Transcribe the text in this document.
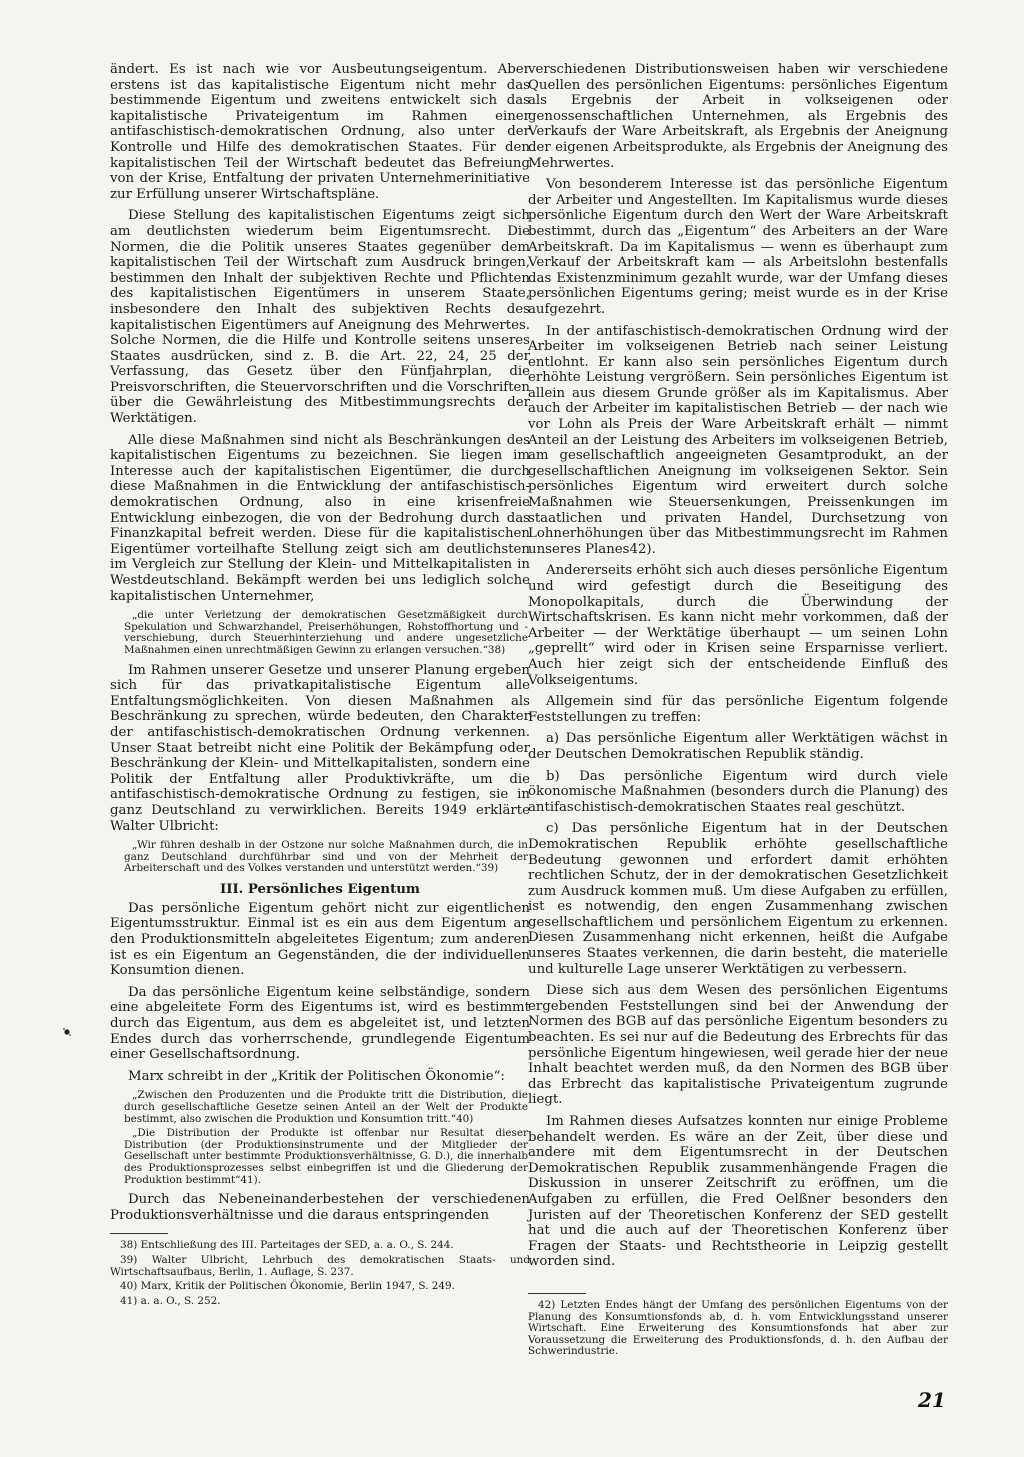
ändert. Es ist nach wie vor Ausbeutungseigentum. Aber erstens ist das kapitalistische Eigentum nicht mehr das bestimmende Eigentum und zweitens entwickelt sich das kapitalistische Privateigentum im Rahmen einer antifaschistisch-demokratischen Ordnung, also unter der Kontrolle und Hilfe des demokratischen Staates. Für den kapitalistischen Teil der Wirtschaft bedeutet das Befreiung von der Krise, Entfaltung der privaten Unternehmerinitiative zur Erfüllung unserer Wirtschaftspläne.

Diese Stellung des kapitalistischen Eigentums zeigt sich am deutlichsten wiederum beim Eigentumsrecht. Die Normen, die die Politik unseres Staates gegenüber dem kapitalistischen Teil der Wirtschaft zum Ausdruck bringen, bestimmen den Inhalt der subjektiven Rechte und Pflichten des kapitalistischen Eigentümers in unserem Staate, insbesondere den Inhalt des subjektiven Rechts des kapitalistischen Eigentümers auf Aneignung des Mehrwertes. Solche Normen, die die Hilfe und Kontrolle seitens unseres Staates ausdrücken, sind z. B. die Art. 22, 24, 25 der Verfassung, das Gesetz über den Fünfjahrplan, die Preisvorschriften, die Steuervorschriften und die Vorschriften über die Gewährleistung des Mitbestimmungsrechts der Werktätigen.

Alle diese Maßnahmen sind nicht als Beschränkungen des kapitalistischen Eigentums zu bezeichnen. Sie liegen im Interesse auch der kapitalistischen Eigentümer, die durch diese Maßnahmen in die Entwicklung der antifaschistisch-demokratischen Ordnung, also in eine krisenfreie Entwicklung einbezogen, die von der Bedrohung durch das Finanzkapital befreit werden. Diese für die kapitalistischen Eigentümer vorteilhafte Stellung zeigt sich am deutlichsten im Vergleich zur Stellung der Klein- und Mittelkapitalisten in Westdeutschland. Bekämpft werden bei uns lediglich solche kapitalistischen Unternehmer,

„die unter Verletzung der demokratischen Gesetzmäßigkeit durch Spekulation und Schwarzhandel, Preiserhöhungen, Rohstoffhortung und -verschiebung, durch Steuerhinterziehung und andere ungesetzliche Maßnahmen einen unrechtmäßigen Gewinn zu erlangen versuchen.“38)

Im Rahmen unserer Gesetze und unserer Planung ergeben sich für das privatkapitalistische Eigentum alle Entfaltungsmöglichkeiten. Von diesen Maßnahmen als Beschränkung zu sprechen, würde bedeuten, den Charakter der antifaschistisch-demokratischen Ordnung verkennen. Unser Staat betreibt nicht eine Politik der Bekämpfung oder Beschränkung der Klein- und Mittelkapitalisten, sondern eine Politik der Entfaltung aller Produktivkräfte, um die antifaschistisch-demokratische Ordnung zu festigen, sie in ganz Deutschland zu verwirklichen. Bereits 1949 erklärte Walter Ulbricht:

„Wir führen deshalb in der Ostzone nur solche Maßnahmen durch, die in ganz Deutschland durchführbar sind und von der Mehrheit der Arbeiterschaft und des Volkes verstanden und unterstützt werden.“39)

III. Persönliches Eigentum

Das persönliche Eigentum gehört nicht zur eigentlichen Eigentumsstruktur. Einmal ist es ein aus dem Eigentum an den Produktionsmitteln abgeleitetes Eigentum; zum anderen ist es ein Eigentum an Gegenständen, die der individuellen Konsumtion dienen.

Da das persönliche Eigentum keine selbständige, sondern eine abgeleitete Form des Eigentums ist, wird es bestimmt durch das Eigentum, aus dem es abgeleitet ist, und letzten Endes durch das vorherrschende, grundlegende Eigentum einer Gesellschaftsordnung.

Marx schreibt in der „Kritik der Politischen Ökonomie“:

„Zwischen den Produzenten und die Produkte tritt die Distribution, die durch gesellschaftliche Gesetze seinen Anteil an der Welt der Produkte bestimmt, also zwischen die Produktion und Konsumtion tritt.“40)

„Die Distribution der Produkte ist offenbar nur Resultat dieser Distribution (der Produktionsinstrumente und der Mitglieder der Gesellschaft unter bestimmte Produktionsverhältnisse, G. D.), die innerhalb des Produktionsprozesses selbst einbegriffen ist und die Gliederung der Produktion bestimmt“41).

Durch das Nebeneinanderbestehen der verschiedenen Produktionsverhältnisse und die daraus entspringenden

38) Entschließung des III. Parteitages der SED, a. a. O., S. 244.

39) Walter Ulbricht, Lehrbuch des demokratischen Staats- und Wirtschaftsaufbaus, Berlin, 1. Auflage, S. 237.

40) Marx, Kritik der Politischen Ökonomie, Berlin 1947, S. 249.

41) a. a. O., S. 252.

verschiedenen Distributionsweisen haben wir verschiedene Quellen des persönlichen Eigentums: persönliches Eigentum als Ergebnis der Arbeit in volkseigenen oder genossenschaftlichen Unternehmen, als Ergebnis des Verkaufs der Ware Arbeitskraft, als Ergebnis der Aneignung der eigenen Arbeitsprodukte, als Ergebnis der Aneignung des Mehrwertes.

Von besonderem Interesse ist das persönliche Eigentum der Arbeiter und Angestellten. Im Kapitalismus wurde dieses persönliche Eigentum durch den Wert der Ware Arbeitskraft bestimmt, durch das „Eigentum“ des Arbeiters an der Ware Arbeitskraft. Da im Kapitalismus — wenn es überhaupt zum Verkauf der Arbeitskraft kam — als Arbeitslohn bestenfalls das Existenzminimum gezahlt wurde, war der Umfang dieses persönlichen Eigentums gering; meist wurde es in der Krise aufgezehrt.

In der antifaschistisch-demokratischen Ordnung wird der Arbeiter im volkseigenen Betrieb nach seiner Leistung entlohnt. Er kann also sein persönliches Eigentum durch erhöhte Leistung vergrößern. Sein persönliches Eigentum ist allein aus diesem Grunde größer als im Kapitalismus. Aber auch der Arbeiter im kapitalistischen Betrieb — der nach wie vor Lohn als Preis der Ware Arbeitskraft erhält — nimmt Anteil an der Leistung des Arbeiters im volkseigenen Betrieb, am gesellschaftlich angeeigneten Gesamtprodukt, an der gesellschaftlichen Aneignung im volkseigenen Sektor. Sein persönliches Eigentum wird erweitert durch solche Maßnahmen wie Steuersenkungen, Preissenkungen im staatlichen und privaten Handel, Durchsetzung von Lohnerhöhungen über das Mitbestimmungsrecht im Rahmen unseres Planes42).

Andererseits erhöht sich auch dieses persönliche Eigentum und wird gefestigt durch die Beseitigung des Monopolkapitals, durch die Überwindung der Wirtschaftskrisen. Es kann nicht mehr vorkommen, daß der Arbeiter — der Werktätige überhaupt — um seinen Lohn „geprellt“ wird oder in Krisen seine Ersparnisse verliert. Auch hier zeigt sich der entscheidende Einfluß des Volkseigentums.

Allgemein sind für das persönliche Eigentum folgende Feststellungen zu treffen:

a) Das persönliche Eigentum aller Werktätigen wächst in der Deutschen Demokratischen Republik ständig.

b) Das persönliche Eigentum wird durch viele ökonomische Maßnahmen (besonders durch die Planung) des antifaschistisch-demokratischen Staates real geschützt.

c) Das persönliche Eigentum hat in der Deutschen Demokratischen Republik erhöhte gesellschaftliche Bedeutung gewonnen und erfordert damit erhöhten rechtlichen Schutz, der in der demokratischen Gesetzlichkeit zum Ausdruck kommen muß. Um diese Aufgaben zu erfüllen, ist es notwendig, den engen Zusammenhang zwischen gesellschaftlichem und persönlichem Eigentum zu erkennen. Diesen Zusammenhang nicht erkennen, heißt die Aufgabe unseres Staates verkennen, die darin besteht, die materielle und kulturelle Lage unserer Werktätigen zu verbessern.

Diese sich aus dem Wesen des persönlichen Eigentums ergebenden Feststellungen sind bei der Anwendung der Normen des BGB auf das persönliche Eigentum besonders zu beachten. Es sei nur auf die Bedeutung des Erbrechts für das persönliche Eigentum hingewiesen, weil gerade hier der neue Inhalt beachtet werden muß, da den Normen des BGB über das Erbrecht das kapitalistische Privateigentum zugrunde liegt.

Im Rahmen dieses Aufsatzes konnten nur einige Probleme behandelt werden. Es wäre an der Zeit, über diese und andere mit dem Eigentumsrecht in der Deutschen Demokratischen Republik zusammenhängende Fragen die Diskussion in unserer Zeitschrift zu eröffnen, um die Aufgaben zu erfüllen, die Fred Oelßner besonders den Juristen auf der Theoretischen Konferenz der SED gestellt hat und die auch auf der Theoretischen Konferenz über Fragen der Staats- und Rechtstheorie in Leipzig gestellt worden sind.

42) Letzten Endes hängt der Umfang des persönlichen Eigentums von der Planung des Konsumtionsfonds ab, d. h. vom Entwicklungsstand unserer Wirtschaft. Eine Erweiterung des Konsumtionsfonds hat aber zur Voraussetzung die Erweiterung des Produktionsfonds, d. h. den Aufbau der Schwerindustrie.

21
